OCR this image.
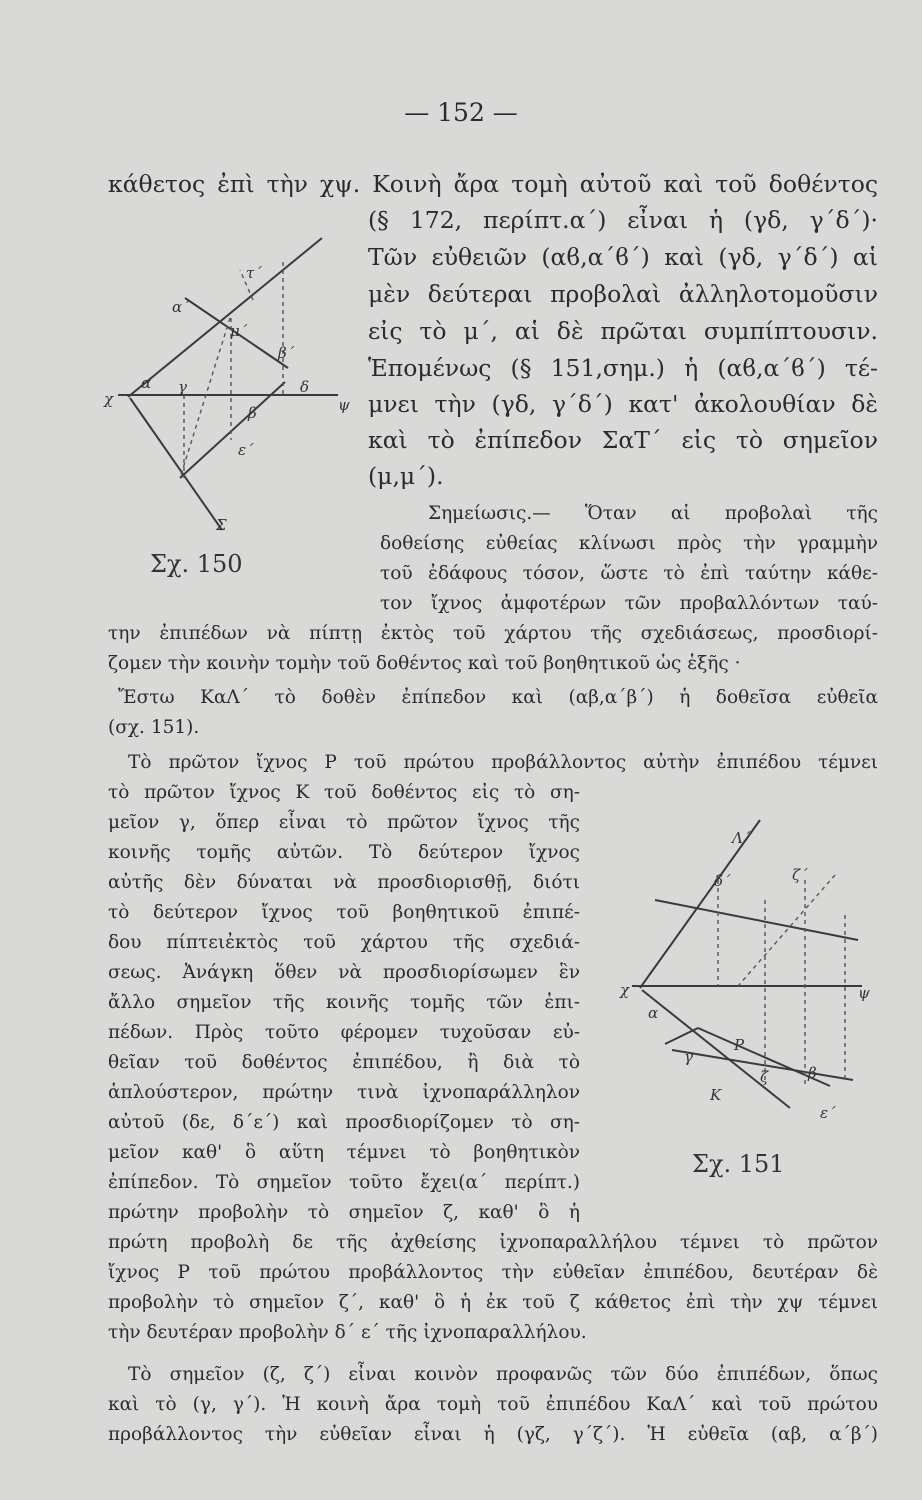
— 152 —
κάθετος ἐπὶ τὴν χψ. Κοινὴ ἄρα τομὴ αὐτοῦ καὶ τοῦ δοθέντος
(§ 172, περίπτ.α΄) εἶναι ἡ (γδ, γ΄δ΄)·
Τῶν εὐθειῶν (αϐ,α΄ϐ΄) καὶ (γδ, γ΄δ΄) αἱ
μὲν δεύτεραι προβολαὶ ἀλληλοτομοῦσιν
εἰς τὸ μ΄, αἱ δὲ πρῶται συμπίπτουσιν.
Ἑπομένως (§ 151,σημ.) ἡ (αϐ,α΄ϐ΄) τέ-
μνει τὴν (γδ, γ΄δ΄) κατ' ἀκολουθίαν δὲ
καὶ τὸ ἐπίπεδον ΣαΤ΄ εἰς τὸ σημεῖον
(μ,μ΄).
Σημείωσις.— Ὅταν αἱ προβολαὶ τῆς
δοθείσης εὐθείας κλίνωσι πρὸς τὴν γραμμὴν
τοῦ ἐδάφους τόσον, ὥστε τὸ ἐπὶ ταύτην κάθε-
τον ἴχνος ἀμφοτέρων τῶν προβαλλόντων ταύ-
την ἐπιπέδων νὰ πίπτῃ ἐκτὸς τοῦ χάρτου τῆς σχεδιάσεως, προσδιορί-
ζομεν τὴν κοινὴν τομὴν τοῦ δοθέντος καὶ τοῦ βοηθητικοῦ ὡς ἑξῆς ·
Ἔστω ΚαΛ΄ τὸ δοθὲν ἐπίπεδον καὶ (αβ,α΄β΄) ἡ δοθεῖσα εὐθεῖα
(σχ. 151).
Τὸ πρῶτον ἴχνος Ρ τοῦ πρώτου προβάλλοντος αὐτὴν ἐπιπέδου τέμνει
τὸ πρῶτον ἴχνος Κ τοῦ δοθέντος εἰς τὸ ση-
μεῖον γ, ὅπερ εἶναι τὸ πρῶτον ἴχνος τῆς
κοινῆς τομῆς αὐτῶν. Τὸ δεύτερον ἴχνος
αὐτῆς δὲν δύναται νὰ προσδιορισθῇ, διότι
τὸ δεύτερον ἴχνος τοῦ βοηθητικοῦ ἐπιπέ-
δου πίπτειἐκτὸς τοῦ χάρτου τῆς σχεδιά-
σεως. Ἀνάγκη ὅθεν νὰ προσδιορίσωμεν ἓν
ἄλλο σημεῖον τῆς κοινῆς τομῆς τῶν ἐπι-
πέδων. Πρὸς τοῦτο φέρομεν τυχοῦσαν εὐ-
θεῖαν τοῦ δοθέντος ἐπιπέδου, ἢ διὰ τὸ
ἁπλούστερον, πρώτην τινὰ ἰχνοπαράλληλον
αὐτοῦ (δε, δ΄ε΄) καὶ προσδιορίζομεν τὸ ση-
μεῖον καθ' ὃ αὕτη τέμνει τὸ βοηθητικὸν
ἐπίπεδον. Τὸ σημεῖον τοῦτο ἔχει(α΄ περίπτ.)
πρώτην προβολὴν τὸ σημεῖον ζ, καθ' ὃ ἡ
πρώτη προβολὴ δε τῆς ἀχθείσης ἰχνοπαραλλήλου τέμνει τὸ πρῶτον
ἴχνος Ρ τοῦ πρώτου προβάλλοντος τὴν εὐθεῖαν ἐπιπέδου, δευτέραν δὲ
προβολὴν τὸ σημεῖον ζ΄, καθ' ὃ ἡ ἐκ τοῦ ζ κάθετος ἐπὶ τὴν χψ τέμνει
τὴν δευτέραν προβολὴν δ΄ ε΄ τῆς ἰχνοπαραλλήλου.
Τὸ σημεῖον (ζ, ζ΄) εἶναι κοινὸν προφανῶς τῶν δύο ἐπιπέδων, ὅπως
καὶ τὸ (γ, γ΄). Ἡ κοινὴ ἄρα τομὴ τοῦ ἐπιπέδου ΚαΛ΄ καὶ τοῦ πρώτου
προβάλλοντος τὴν εὐθεῖαν εἶναι ἡ (γζ, γ΄ζ΄). Ἡ εὐθεῖα (αβ, α΄β΄)
α΄
χ
α
ψ
τ΄
β΄
δ
μ΄
γ
β
ε΄
Σ
Σχ. 150
Λ΄
χ	ψ
α
γ
Ρ
Κ
β
ζ
δ΄	ζ΄
ε΄
Σχ. 151
